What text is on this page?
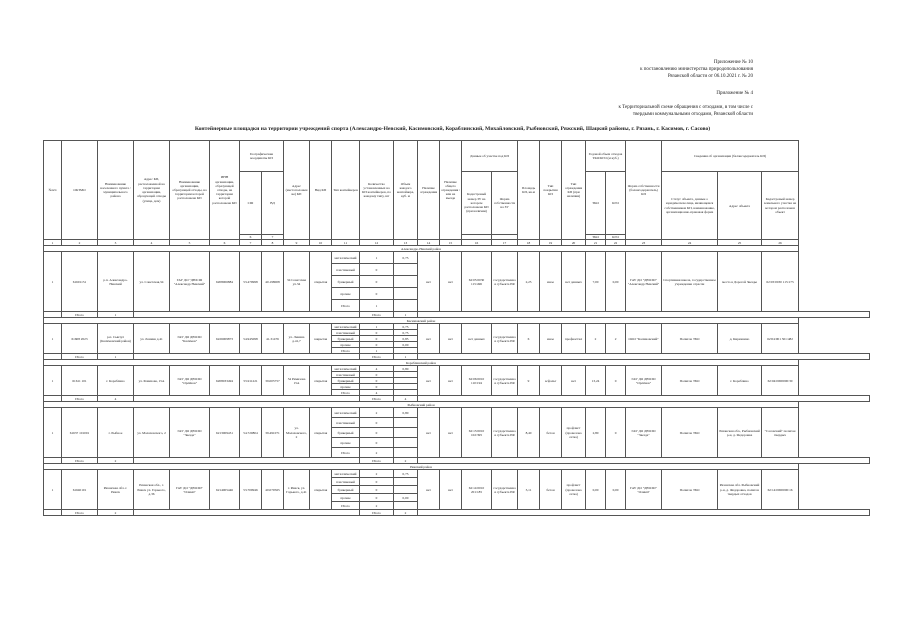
Приложение № 10
к постановлению министерства природопользования
Рязанской области от 06.10.2021 г. № 20
Приложение № 4
к Территориальной схеме обращения с отходами, в том числе с
твердыми коммунальными отходами, Рязанской области
Контейнерные площадки на территории учреждений спорта (Александро-Невский, Касимовский, Кораблинский, Михайловский, Рыбновский, Ряжский, Шацкий районы, г. Рязань, г. Касимов, г. Сасово)
№п/п	ОКТМО	Наименование населенного пункта / муниципального района	Адрес КП, расположенной на территории организации, образующей отходы (улица, дом)	Наименование организации, образующей отходы, на территории которой расположена КП	ИНН организации, образующей отходы, на территории которой расположена КП	Географические координаты КП		Адрес (местоположение) КП	Вид КП	Тип контейнеров	Количество установленных на КП контейнеров, по каждому типу, шт	Объем каждого контейнера, куб. м	Наличие ограждения	Наличие общего ограждения / или на въезде	Данные об участке под КП		Площадь КП, кв.м	Тип покрытия КП	Тип ограждения КП (при наличии)	Годовой объем отходов ТКО/КГО (м куб.)		Форма собственности (балансодержатель) КП	Сведения об организации (балансодержатель КП)		
						СШ	ВД								Кадастровый номер ЗУ на котором расположена КП (при наличии)	Форма собственности на ЗУ				ТКО	КГО		Статус объекта, данные о юридическом лице, являющемся собственником КП, наименование, организационно-правовая форма	Адрес объекта	Кадастровый номер земельного участка на котором расположен объект
						6	7													ТКО	КГО				
1	2	3	4	5	6	7	8	9	10	11	12	13	14	15	16	17	18	19	20	21	22	23	24	25	26
Александро-Невский район																									
1	61601151	р.п. Александро-Невский	ул. Советская,34	ГАУ ДО "ДЮСШ "Александр Невский"	6208006884	53.479998	40.198008	34 Советская ул.34	открытая	металлический	1	0,75	нет	нет	62:05:0030 115:496	государственная субъекта РФ	2,25	иное	нет данных	7,00	0,00	ГАУ ДО "ДЮСШ" "Александр Невский"	Спортивная школа, государственное учреждение отрасли	место в Дорогой Звезды	62:03:0030 115:175
										пластиковый	0														
										бункерный	0														
										прочие	0														
										Итого	1														
	Итого	1									Итого	1													
Касимовский район																									
1	61608 2023	р.п. Сынтул (Касимовский район)	ул. Ленина д.41	ГАУ ДО ДЮСШ "Касимов"	6226009873	54.945098	41.31476	ул. Ленина д.41,7	закрытая	металлический	1	0,75	нет	нет	нет данных	государственная субъекта РФ	6	иное	профнастил	2	2	ООО "Касимовский"	Полигон ТБО	д. Кирюшино	62:04:001 301:482
										пластиковый	0	0,75													
										бункерный	0	0,85													
										прочие	0	0,00													
										Итого	1														
	Итого	1									Итого	1													
Кораблинский район																									
1	61611 101	г. Кораблино	ул. Ремизова, 15А	ГАУ ДО ДЮСШ "Орлёнок"	6208033494	53.911221	39.005757	34 Ремизова 15А	открытая	металлический	4	0,80	нет	нет	62:06:0010 110:194	государственная субъекта РФ	9	асфальт	нет	13,24	0	ГАУ ДО ДЮСШ "Орлёнок"	Полигон ТБО	г. Кораблино	62:04:0000000:30
										пластиковый	0														
										бункерный	0														
										прочие	0														
										Итого	4														
	Итого	4									Итого	4													
Рыбновский район																									
1	61637 101001	г. Рыбное	ул. Малаховского, 2	ГАУ ДО ДЮСШ "Звезда"	6213009431	54.720804	39.491071	ул. Малаховского, 2	открытая	металлический	2	0,80	нет	нет	62:13:0010 102:395	государственная субъекта РФ	8,40	бетон	профлист (проволока сетка)	2,80	0	ГАУ ДО ДЮСШ "Звезда"	Полигон ТБО	Рязанская обл., Рыбновский р-н, д. Федоровка	"Сасовский" полигон твердых
										пластиковый	0														
										бункерный	0														
										прочие	0														
										Итого	2														
	Итого	2									Итого	2													
Ряжский район																									
1	61640101	Рязанская обл. г. Ряжск	Рязанская обл., г. Ряжск ул. Горького, д.36	ГАУ ДО "ДЮСШ" "Олимп"	6214005446	53.709946	40.070565	г. Ряжск, ул. Горького, д.41	открытая	металлический	2	0,75	нет	нет	62:14:0010 201:185	государственная субъекта РФ	3,11	бетон	профлист (проволока сетка)	0,00	0,00	ГАУ ДО "ДЮСШ" "Олимп"	Полигон ТБО	Рязанская обл. Рыбновский р-н, д. Федоровка, полигон твердых отходов	62:14:0000000:16
										пластиковый	0														
										бункерный	0														
										прочие	0	0,00													
										Итого	2														
	Итого	2									Итого	2													
